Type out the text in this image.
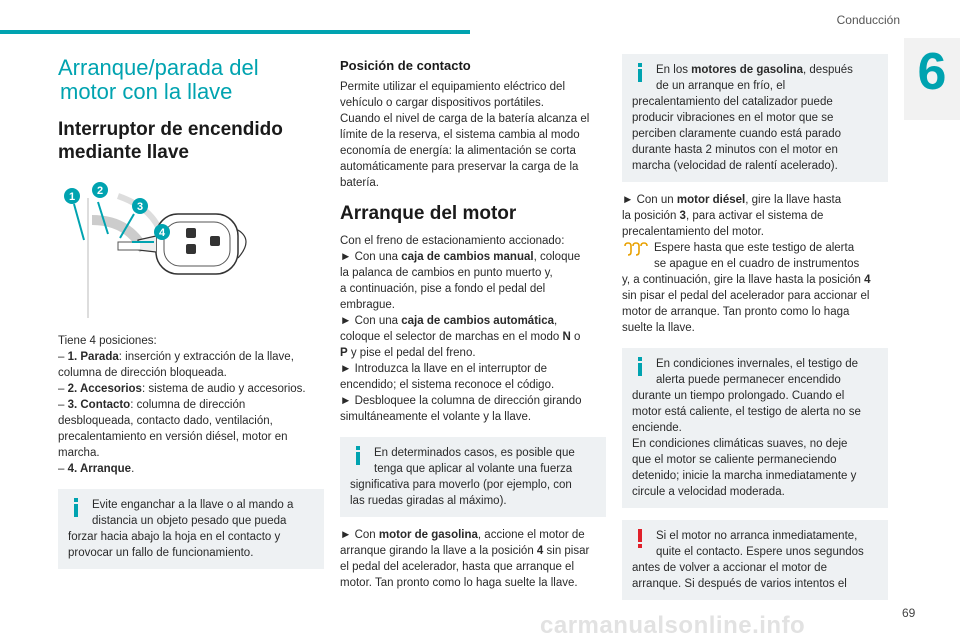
Conducción
6
Arranque/parada del
motor con la llave
Interruptor de encendido
mediante llave
1 2
3
4

Tiene 4 posiciones:

– 1. Parada: inserción y extracción de la llave,

columna de dirección bloqueada.

– 2. Accesorios: sistema de audio y accesorios.

– 3. Contacto: columna de dirección

desbloqueada, contacto dado, ventilación,

precalentamiento en versión diésel, motor en

marcha.

– 4. Arranque.

Evite enganchar a la llave o al mando a

distancia un objeto pesado que pueda

forzar hacia abajo la hoja en el contacto y

provocar un fallo de funcionamiento.

Posición de contacto

Permite utilizar el equipamiento eléctrico del

vehículo o cargar dispositivos portátiles.

Cuando el nivel de carga de la batería alcanza el

límite de la reserva, el sistema cambia al modo

economía de energía: la alimentación se corta

automáticamente para preservar la carga de la

batería.

Arranque del motor

Con el freno de estacionamiento accionado:

► Con una caja de cambios manual, coloque

la palanca de cambios en punto muerto y,

a continuación, pise a fondo el pedal del

embrague.

► Con una caja de cambios automática,

coloque el selector de marchas en el modo N o

P y pise el pedal del freno.

► Introduzca la llave en el interruptor de

encendido; el sistema reconoce el código.

► Desbloquee la columna de dirección girando

simultáneamente el volante y la llave.

En determinados casos, es posible que

tenga que aplicar al volante una fuerza

significativa para moverlo (por ejemplo, con

las ruedas giradas al máximo).

► Con motor de gasolina, accione el motor de

arranque girando la llave a la posición 4 sin pisar

el pedal del acelerador, hasta que arranque el

motor. Tan pronto como lo haga suelte la llave.

En los motores de gasolina, después

de un arranque en frío, el

precalentamiento del catalizador puede

producir vibraciones en el motor que se

perciben claramente cuando está parado

durante hasta 2 minutos con el motor en

marcha (velocidad de ralentí acelerado).

► Con un motor diésel, gire la llave hasta

la posición 3, para activar el sistema de

precalentamiento del motor.

Espere hasta que este testigo de alerta

se apague en el cuadro de instrumentos

y, a continuación, gire la llave hasta la posición 4

sin pisar el pedal del acelerador para accionar el

motor de arranque. Tan pronto como lo haga

suelte la llave.

En condiciones invernales, el testigo de

alerta puede permanecer encendido

durante un tiempo prolongado. Cuando el

motor está caliente, el testigo de alerta no se

enciende.

En condiciones climáticas suaves, no deje

que el motor se caliente permaneciendo

detenido; inicie la marcha inmediatamente y

circule a velocidad moderada.

Si el motor no arranca inmediatamente,

quite el contacto. Espere unos segundos

antes de volver a accionar el motor de

arranque. Si después de varios intentos el

69
carmanualsonline.info
